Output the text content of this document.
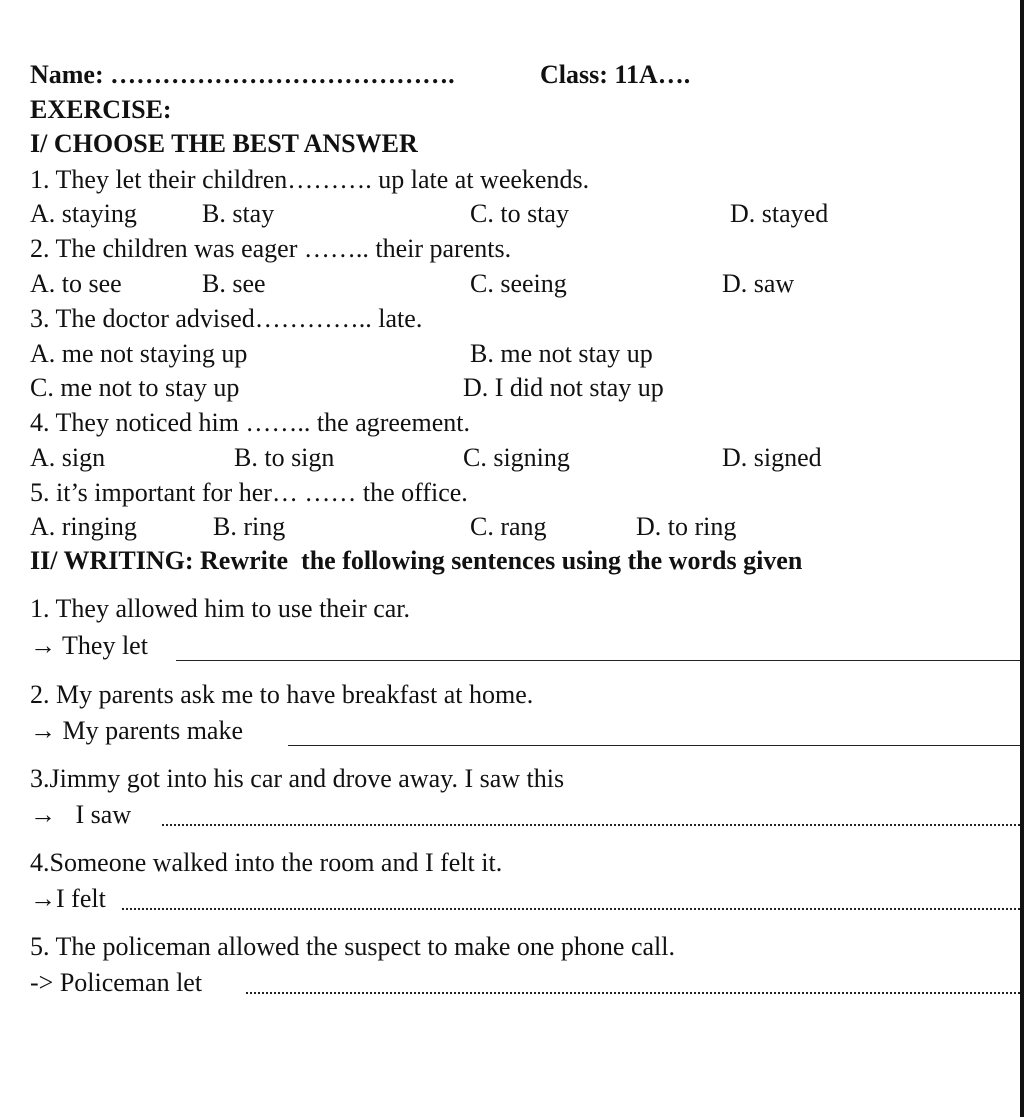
Name: ………………………………….	Class: 11A….
EXERCISE:
I/ CHOOSE THE BEST ANSWER
1. They let their children………. up late at weekends.
A. staying	B. stay	C. to stay	D. stayed
2. The children was eager …….. their parents.
A. to see	B. see	C. seeing	D. saw
3. The doctor advised………….. late.
A. me not staying up	B. me not stay up
C. me not to stay up	D. I did not stay up
4. They noticed him …….. the agreement.
A. sign	B. to sign	C. signing	D. signed
5. it’s important for her… …… the office.
A. ringing	B. ring	C. rang	D. to ring
II/ WRITING: Rewrite  the following sentences using the words given
1. They allowed him to use their car.
→ They let
2. My parents ask me to have breakfast at home.
→ My parents make
3.Jimmy got into his car and drove away. I saw this
→   I saw
4.Someone walked into the room and I felt it.
→I felt
5. The policeman allowed the suspect to make one phone call.
-> Policeman let
